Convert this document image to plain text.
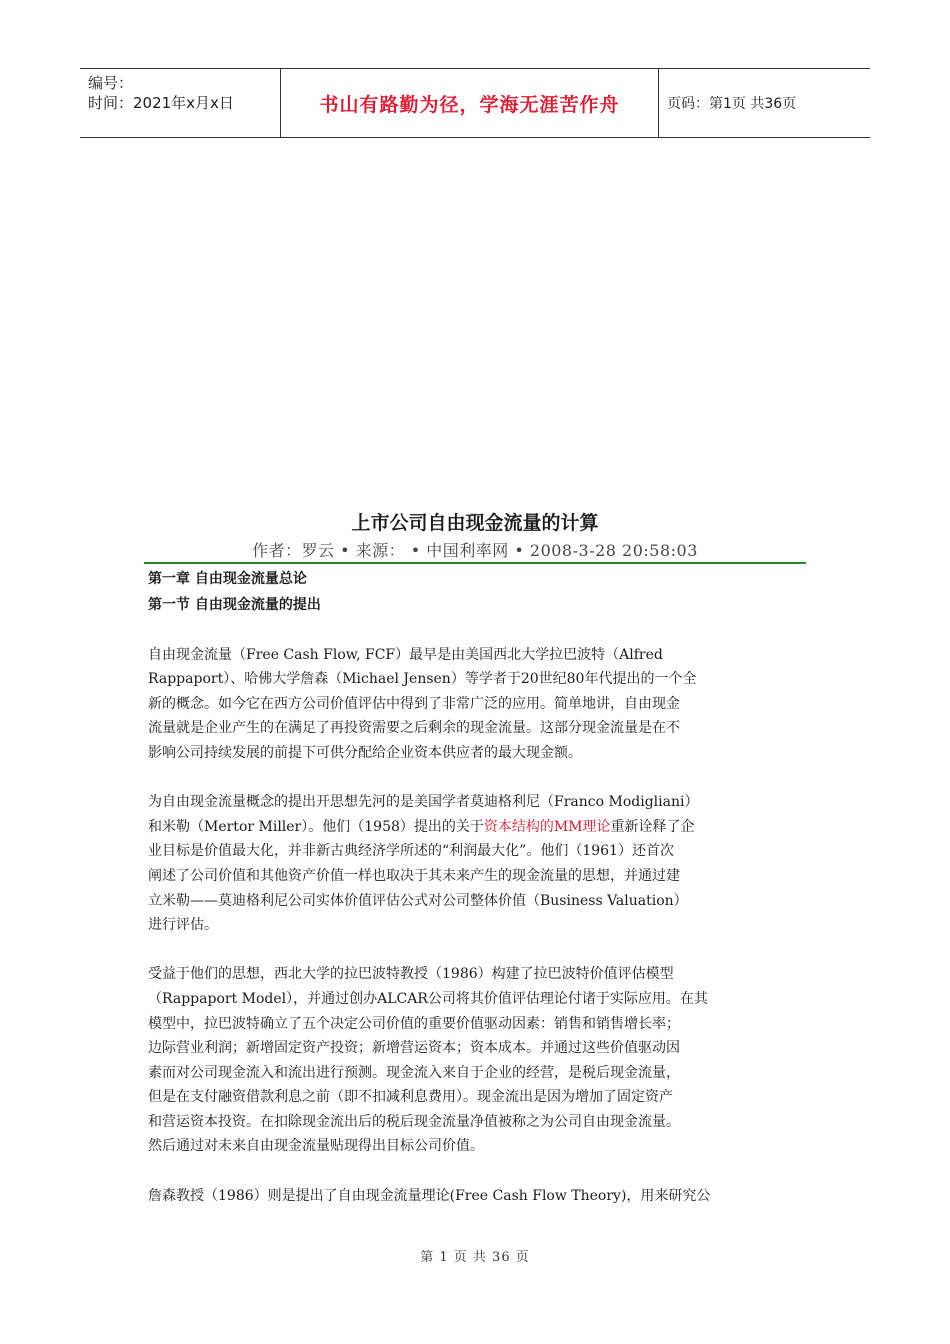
编号：
时间：2021年x月x日	书山有路勤为径，学海无涯苦作舟	页码：第1页 共36页
上市公司自由现金流量的计算
作者：罗云 • 来源： • 中国利率网 • 2008-3-28 20:58:03

第一章 自由现金流量总论

第一节 自由现金流量的提出

自由现金流量（Free Cash Flow, FCF）最早是由美国西北大学拉巴波特（Alfred
Rappaport）、哈佛大学詹森（Michael Jensen）等学者于20世纪80年代提出的一个全
新的概念。如今它在西方公司价值评估中得到了非常广泛的应用。简单地讲，自由现金
流量就是企业产生的在满足了再投资需要之后剩余的现金流量。这部分现金流量是在不
影响公司持续发展的前提下可供分配给企业资本供应者的最大现金额。

为自由现金流量概念的提出开思想先河的是美国学者莫迪格利尼（Franco Modigliani）
和米勒（Mertor Miller）。他们（1958）提出的关于资本结构的MM理论重新诠释了企
业目标是价值最大化，并非新古典经济学所述的“利润最大化”。他们（1961）还首次
阐述了公司价值和其他资产价值一样也取决于其未来产生的现金流量的思想，并通过建
立米勒——莫迪格利尼公司实体价值评估公式对公司整体价值（Business Valuation）
进行评估。

受益于他们的思想，西北大学的拉巴波特教授（1986）构建了拉巴波特价值评估模型
（Rappaport Model），并通过创办ALCAR公司将其价值评估理论付诸于实际应用。在其
模型中，拉巴波特确立了五个决定公司价值的重要价值驱动因素：销售和销售增长率；
边际营业利润；新增固定资产投资；新增营运资本；资本成本。并通过这些价值驱动因
素而对公司现金流入和流出进行预测。现金流入来自于企业的经营，是税后现金流量，
但是在支付融资借款利息之前（即不扣减利息费用）。现金流出是因为增加了固定资产
和营运资本投资。在扣除现金流出后的税后现金流量净值被称之为公司自由现金流量。
然后通过对未来自由现金流量贴现得出目标公司价值。

詹森教授（1986）则是提出了自由现金流量理论(Free Cash Flow Theory)，用来研究公

第 1 页 共 36 页
